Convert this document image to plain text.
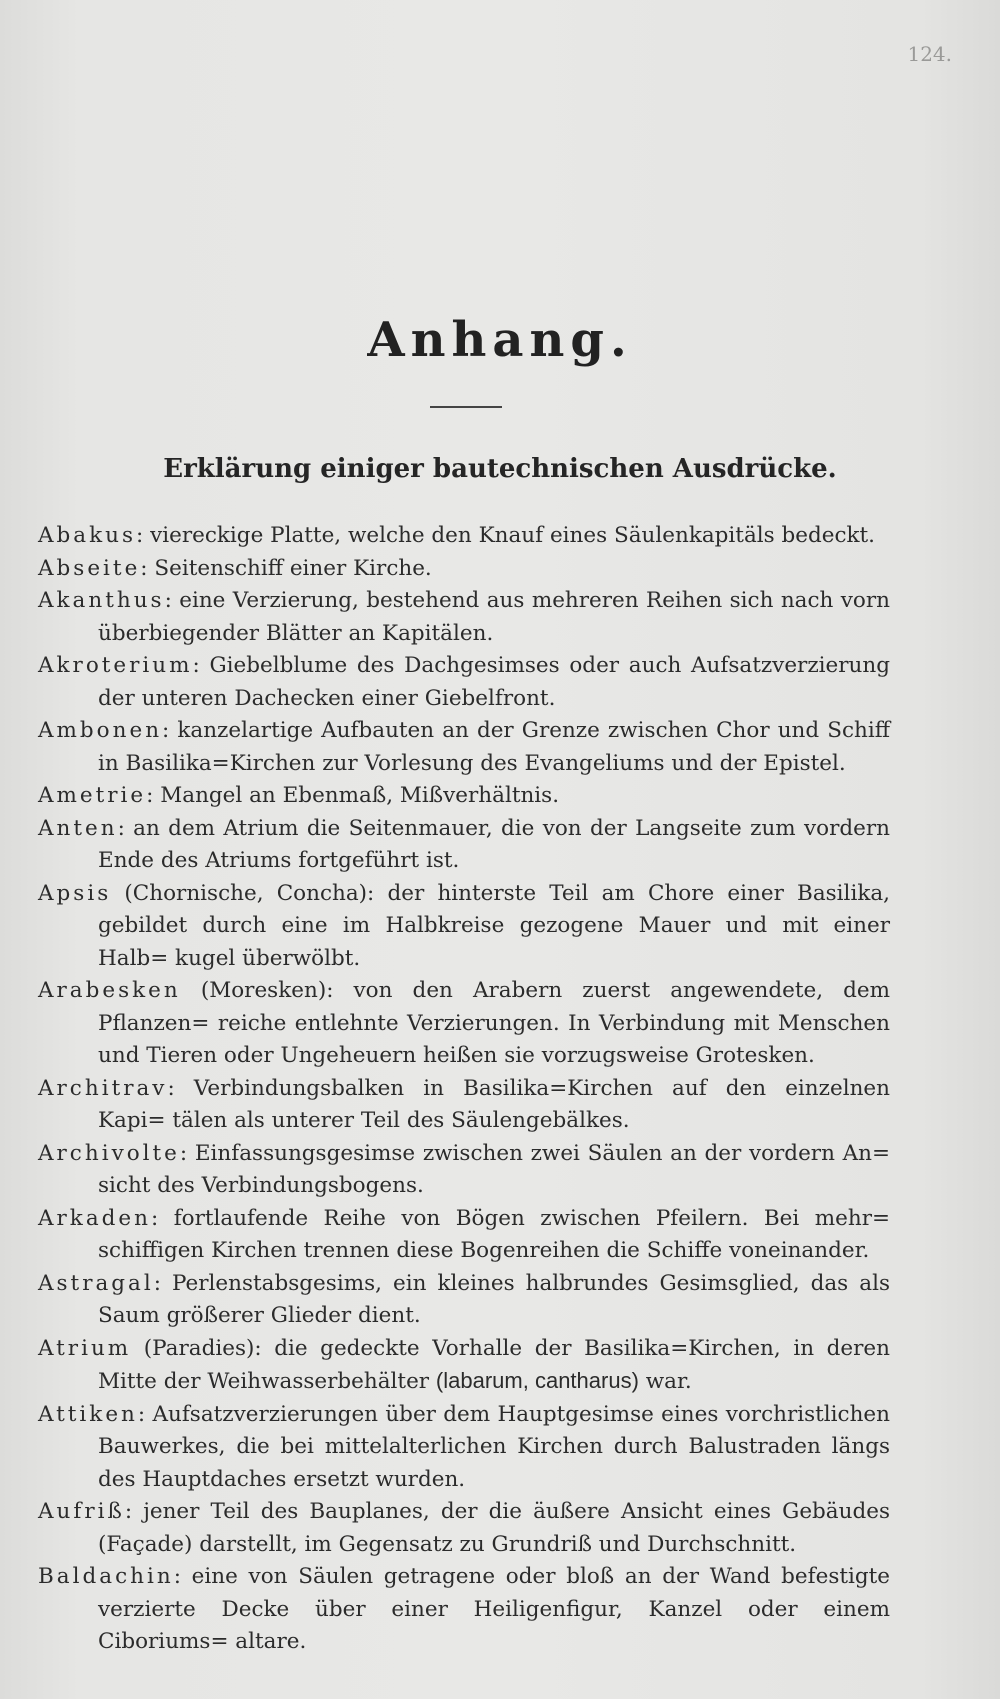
124.
Anhang.
Erklärung einiger bautechnischen Ausdrücke.
Abakus: viereckige Platte, welche den Knauf eines Säulenkapitäls bedeckt.
Abseite: Seitenschiff einer Kirche.
Akanthus: eine Verzierung, bestehend aus mehreren Reihen sich nach vorn überbiegender Blätter an Kapitälen.
Akroterium: Giebelblume des Dachgesimses oder auch Aufsatzverzierung der unteren Dachecken einer Giebelfront.
Ambonen: kanzelartige Aufbauten an der Grenze zwischen Chor und Schiff in Basilika=Kirchen zur Vorlesung des Evangeliums und der Epistel.
Ametrie: Mangel an Ebenmaß, Mißverhältnis.
Anten: an dem Atrium die Seitenmauer, die von der Langseite zum vordern Ende des Atriums fortgeführt ist.
Apsis (Chornische, Concha): der hinterste Teil am Chore einer Basilika, gebildet durch eine im Halbkreise gezogene Mauer und mit einer Halb= kugel überwölbt.
Arabesken (Moresken): von den Arabern zuerst angewendete, dem Pflanzen= reiche entlehnte Verzierungen. In Verbindung mit Menschen und Tieren oder Ungeheuern heißen sie vorzugsweise Grotesken.
Architrav: Verbindungsbalken in Basilika=Kirchen auf den einzelnen Kapi= tälen als unterer Teil des Säulengebälkes.
Archivolte: Einfassungsgesimse zwischen zwei Säulen an der vordern An= sicht des Verbindungsbogens.
Arkaden: fortlaufende Reihe von Bögen zwischen Pfeilern. Bei mehr= schiffigen Kirchen trennen diese Bogenreihen die Schiffe voneinander.
Astragal: Perlenstabsgesims, ein kleines halbrundes Gesimsglied, das als Saum größerer Glieder dient.
Atrium (Paradies): die gedeckte Vorhalle der Basilika=Kirchen, in deren Mitte der Weihwasserbehälter (labarum, cantharus) war.
Attiken: Aufsatzverzierungen über dem Hauptgesimse eines vorchristlichen Bauwerkes, die bei mittelalterlichen Kirchen durch Balustraden längs des Hauptdaches ersetzt wurden.
Aufriß: jener Teil des Bauplanes, der die äußere Ansicht eines Gebäudes (Façade) darstellt, im Gegensatz zu Grundriß und Durchschnitt.
Baldachin: eine von Säulen getragene oder bloß an der Wand befestigte verzierte Decke über einer Heiligenfigur, Kanzel oder einem Ciboriums= altare.
